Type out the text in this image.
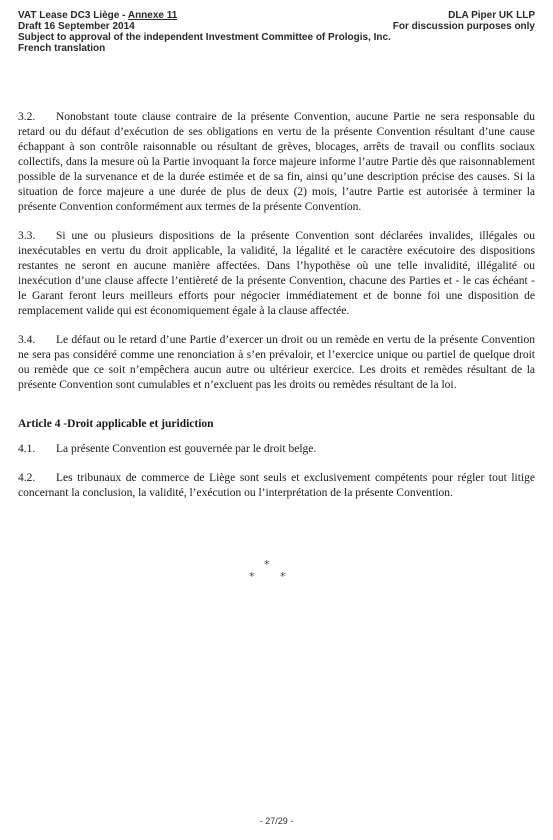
VAT Lease DC3 Liège - Annexe 11	DLA Piper UK LLP
Draft 16 September 2014	For discussion purposes only
Subject to approval of the independent Investment Committee of Prologis, Inc.
French translation

3.2. Nonobstant toute clause contraire de la présente Convention, aucune Partie ne sera responsable du retard ou du défaut d’exécution de ses obligations en vertu de la présente Convention résultant d’une cause échappant à son contrôle raisonnable ou résultant de grèves, blocages, arrêts de travail ou conflits sociaux collectifs, dans la mesure où la Partie invoquant la force majeure informe l’autre Partie dès que raisonnablement possible de la survenance et de la durée estimée et de sa fin, ainsi qu’une description précise des causes. Si la situation de force majeure a une durée de plus de deux (2) mois, l’autre Partie est autorisée à terminer la présente Convention conformément aux termes de la présente Convention.

3.3. Si une ou plusieurs dispositions de la présente Convention sont déclarées invalides, illégales ou inexécutables en vertu du droit applicable, la validité, la légalité et le caractère exécutoire des dispositions restantes ne seront en aucune manière affectées. Dans l’hypothèse où une telle invalidité, illégalité ou inexécution d’une clause affecte l’entièreté de la présente Convention, chacune des Parties et - le cas échéant - le Garant feront leurs meilleurs efforts pour négocier immédiatement et de bonne foi une disposition de remplacement valide qui est économiquement égale à la clause affectée.

3.4. Le défaut ou le retard d’une Partie d’exercer un droit ou un remède en vertu de la présente Convention ne sera pas considéré comme une renonciation à s’en prévaloir, et l’exercice unique ou partiel de quelque droit ou remède que ce soit n’empêchera aucun autre ou ultérieur exercice. Les droits et remèdes résultant de la présente Convention sont cumulables et n’excluent pas les droits ou remèdes résultant de la loi.

Article 4 -Droit applicable et juridiction

4.1. La présente Convention est gouvernée par le droit belge.

4.2. Les tribunaux de commerce de Liège sont seuls et exclusivement compétents pour régler tout litige concernant la conclusion, la validité, l’exécution ou l’interprétation de la présente Convention.

*
* *
- 27/29 -
